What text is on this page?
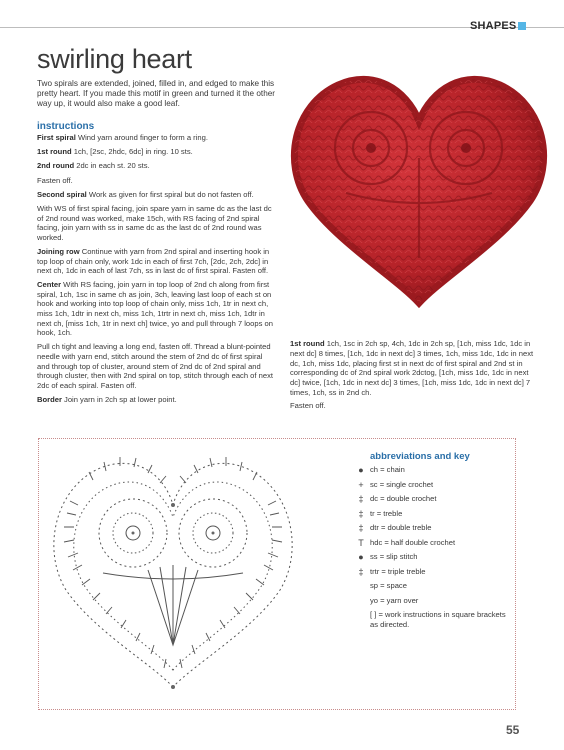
SHAPES
swirling heart

Two spirals are extended, joined, filled in, and edged to make this pretty heart. If you made this motif in green and turned it the other way up, it would also make a good leaf.

instructions

First spiral Wind yarn around finger to form a ring.

1st round 1ch, [2sc, 2hdc, 6dc] in ring. 10 sts.

2nd round 2dc in each st. 20 sts.

Fasten off.

Second spiral Work as given for first spiral but do not fasten off.

With WS of first spiral facing, join spare yarn in same dc as the last dc of 2nd round was worked, make 15ch, with RS facing of 2nd spiral facing, join yarn with ss in same dc as the last dc of 2nd round was worked.

Joining row Continue with yarn from 2nd spiral and inserting hook in top loop of chain only, work 1dc in each of first 7ch, [2dc, 2ch, 2dc] in next ch, 1dc in each of last 7ch, ss in last dc of first spiral. Fasten off.

Center With RS facing, join yarn in top loop of 2nd ch along from first spiral, 1ch, 1sc in same ch as join, 3ch, leaving last loop of each st on hook and working into top loop of chain only, miss 1ch, 1tr in next ch, miss 1ch, 1dtr in next ch, miss 1ch, 1trtr in next ch, miss 1ch, 1dtr in next ch, [miss 1ch, 1tr in next ch] twice, yo and pull through 7 loops on hook, 1ch.

Pull ch tight and leaving a long end, fasten off. Thread a blunt-pointed needle with yarn end, stitch around the stem of 2nd dc of first spiral and through top of cluster, around stem of 2nd dc of 2nd spiral and through cluster, then with 2nd spiral on top, stitch through each of next 2dc of each spiral. Fasten off.

Border Join yarn in 2ch sp at lower point.

1st round 1ch, 1sc in 2ch sp, 4ch, 1dc in 2ch sp, [1ch, miss 1dc, 1dc in next dc] 8 times, [1ch, 1dc in next dc] 3 times, 1ch, miss 1dc, 1dc in next dc, 1ch, miss 1dc, placing first st in next dc of first spiral and 2nd st in corresponding dc of 2nd spiral work 2dctog, [1ch, miss 1dc, 1dc in next dc] twice, [1ch, 1dc in next dc] 3 times, [1ch, miss 1dc, 1dc in next dc] 7 times, 1ch, ss in 2nd ch.

Fasten off.

abbreviations and key
● ch = chain
+ sc = single crochet
‡ dc = double crochet
‡ tr = treble
‡ dtr = double treble
T hdc = half double crochet
● ss = slip stitch
‡ trtr = triple treble
sp = space
yo = yarn over
[ ] = work instructions in square brackets as directed.
55
